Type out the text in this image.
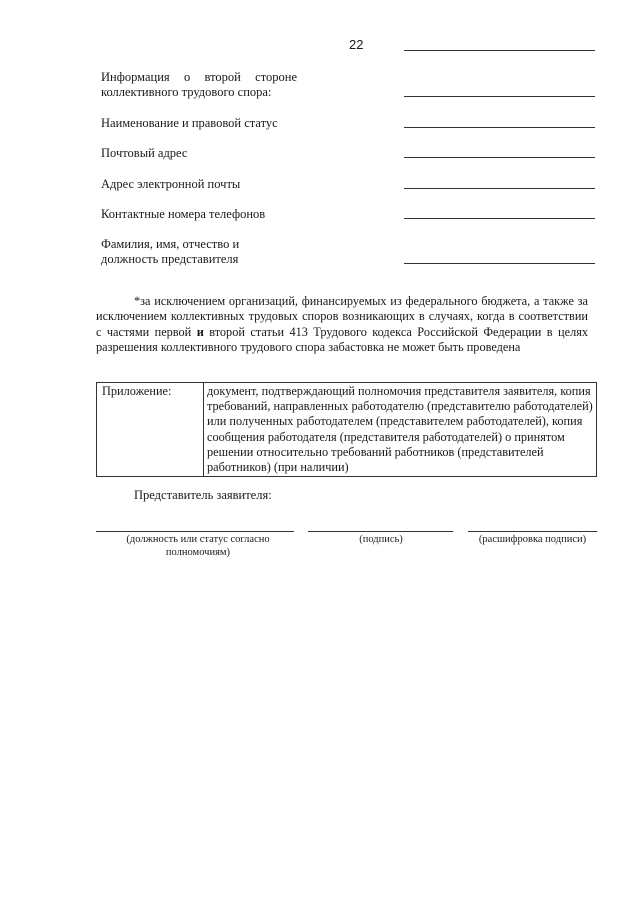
22
Информация о второй стороне
коллективного трудового спора:
Наименование и правовой статус
Почтовый адрес
Адрес электронной почты
Контактные номера телефонов
Фамилия, имя, отчество и
должность представителя
*за исключением организаций, финансируемых из федерального бюджета, а также за исключением коллективных трудовых споров возникающих в случаях, когда в соответствии с частями первой и второй статьи 413 Трудового кодекса Российской Федерации в целях разрешения коллективного трудового спора забастовка не может быть проведена
Приложение:	документ, подтверждающий полномочия представителя заявителя, копия требований, направленных работодателю (представителю работодателей) или полученных работодателем (представителем работодателей), копия сообщения работодателя (представителя работодателей) о принятом решении относительно требований работников (представителей работников) (при наличии)
Представитель заявителя:
(должность или статус согласно
полномочиям)
(подпись)	(расшифровка подписи)
